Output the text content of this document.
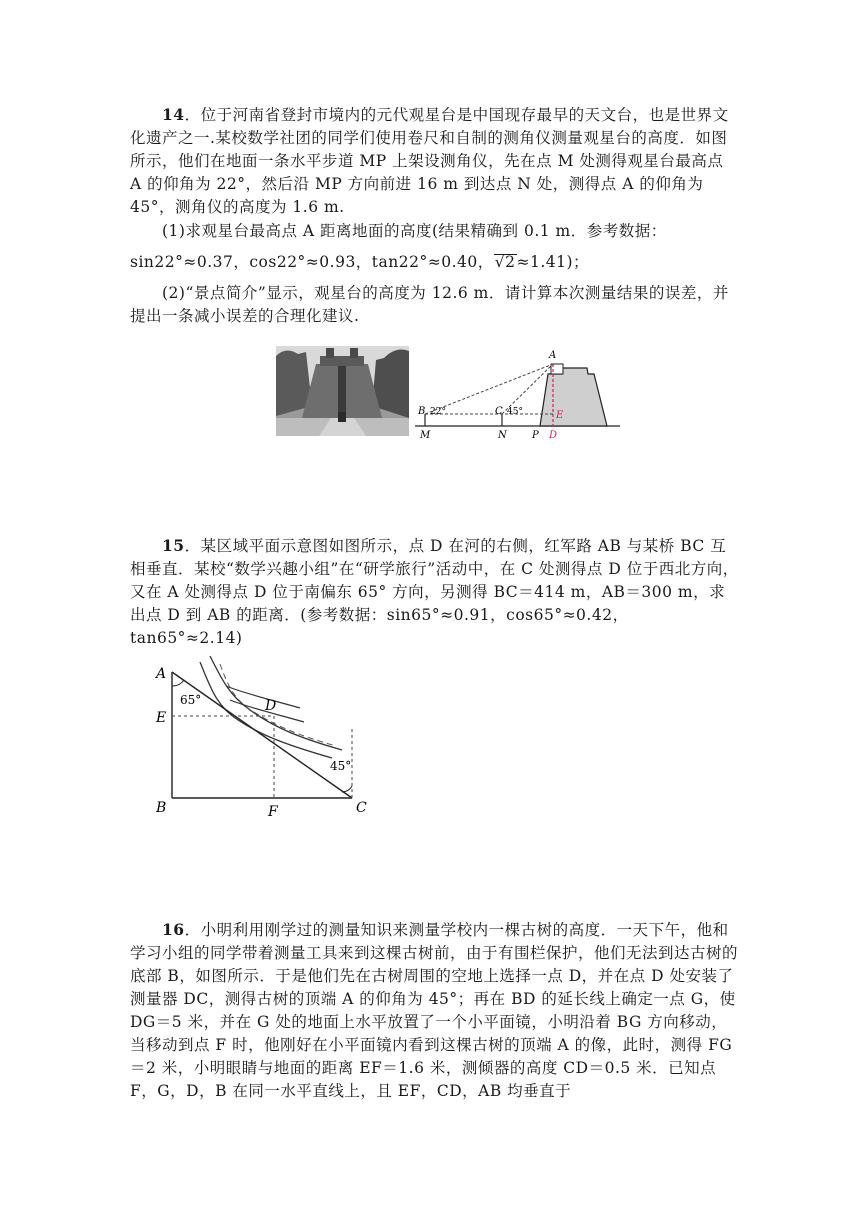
14．位于河南省登封市境内的元代观星台是中国现存最早的天文台，也是世界文化遗产之一.某校数学社团的同学们使用卷尺和自制的测角仪测量观星台的高度．如图所示，他们在地面一条水平步道 MP 上架设测角仪，先在点 M 处测得观星台最高点 A 的仰角为 22°，然后沿 MP 方向前进 16 m 到达点 N 处，测得点 A 的仰角为 45°，测角仪的高度为 1.6 m.
(1)求观星台最高点 A 距离地面的高度(结果精确到 0.1 m．参考数据：
sin22°≈0.37，cos22°≈0.93，tan22°≈0.40，√2≈1.41)；
(2)“景点简介”显示，观星台的高度为 12.6 m．请计算本次测量结果的误差，并提出一条减小误差的合理化建议.
A
B 22°	C 45°	E
M	N	P D
15．某区域平面示意图如图所示，点 D 在河的右侧，红军路 AB 与某桥 BC 互相垂直．某校“数学兴趣小组”在“研学旅行”活动中，在 C 处测得点 D 位于西北方向，又在 A 处测得点 D 位于南偏东 65° 方向，另测得 BC＝414 m，AB＝300 m，求出点 D 到 AB 的距离．(参考数据：sin65°≈0.91，cos65°≈0.42，tan65°≈2.14)
A
65°
E
D
45°
B	F	C
16．小明利用刚学过的测量知识来测量学校内一棵古树的高度．一天下午，他和学习小组的同学带着测量工具来到这棵古树前，由于有围栏保护，他们无法到达古树的底部 B，如图所示．于是他们先在古树周围的空地上选择一点 D，并在点 D 处安装了测量器 DC，测得古树的顶端 A 的仰角为 45°；再在 BD 的延长线上确定一点 G，使 DG＝5 米，并在 G 处的地面上水平放置了一个小平面镜，小明沿着 BG 方向移动，当移动到点 F 时，他刚好在小平面镜内看到这棵古树的顶端 A 的像，此时，测得 FG＝2 米，小明眼睛与地面的距离 EF＝1.6 米，测倾器的高度 CD＝0.5 米．已知点 F，G，D，B 在同一水平直线上，且 EF，CD，AB 均垂直于
